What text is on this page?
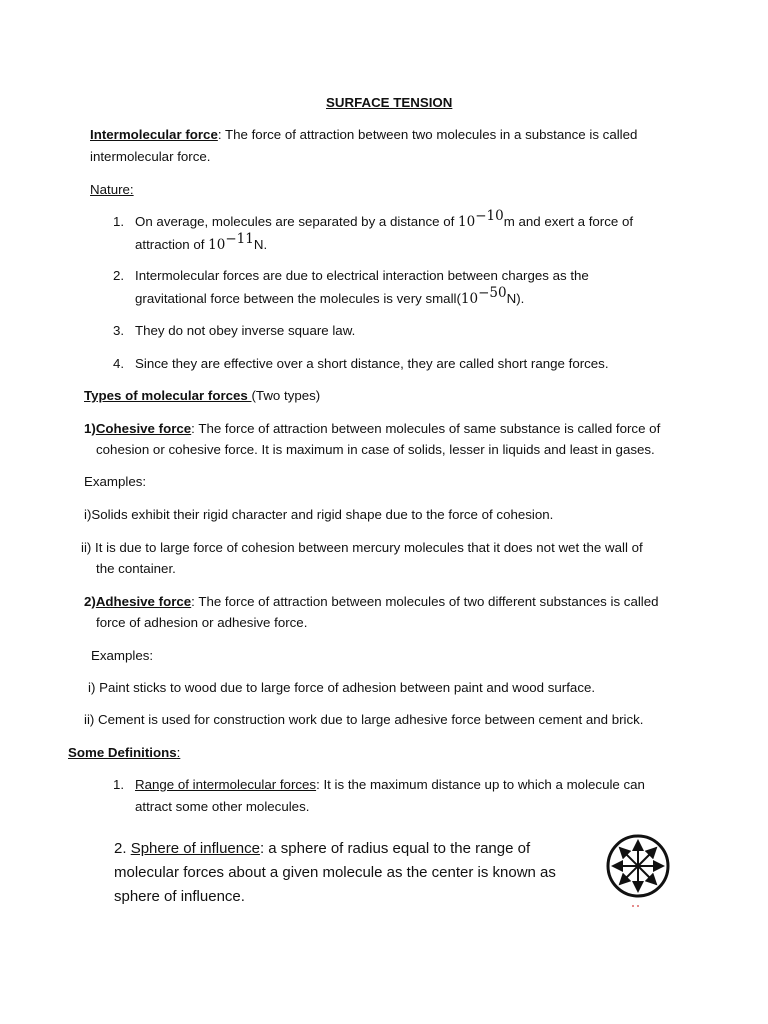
SURFACE TENSION
Intermolecular force: The force of attraction between two molecules in a substance is called
intermolecular force.
Nature:
1. On average, molecules are separated by a distance of $10^{-10}m$ and exert a force of
attraction of $10^{-11}N$.
2. Intermolecular forces are due to electrical interaction between charges as the
gravitational force between the molecules is very $small(10^{-50}N)$.
3. They do not obey inverse square law.
4. Since they are effective over a short distance, they are called short range forces.
Types of molecular forces (Two types)
1)Cohesive force: The force of attraction between molecules of same substance is called force of
cohesion or cohesive force. It is maximum in case of solids, lesser in liquids and least in gases.
Examples:
i)Solids exhibit their rigid character and rigid shape due to the force of cohesion.
ii) It is due to large force of cohesion between mercury molecules that it does not wet the wall of
the container.
2)Adhesive force: The force of attraction between molecules of two different substances is called
force of adhesion or adhesive force.
Examples:
i) Paint sticks to wood due to large force of adhesion between paint and wood surface.
ii) Cement is used for construction work due to large adhesive force between cement and brick.
Some Definitions:
1. Range of intermolecular forces: It is the maximum distance up to which a molecule can
attract some other molecules.
2. Sphere of influence: a sphere of radius equal to the range of
molecular forces about a given molecule as the center is known as
sphere of influence.
